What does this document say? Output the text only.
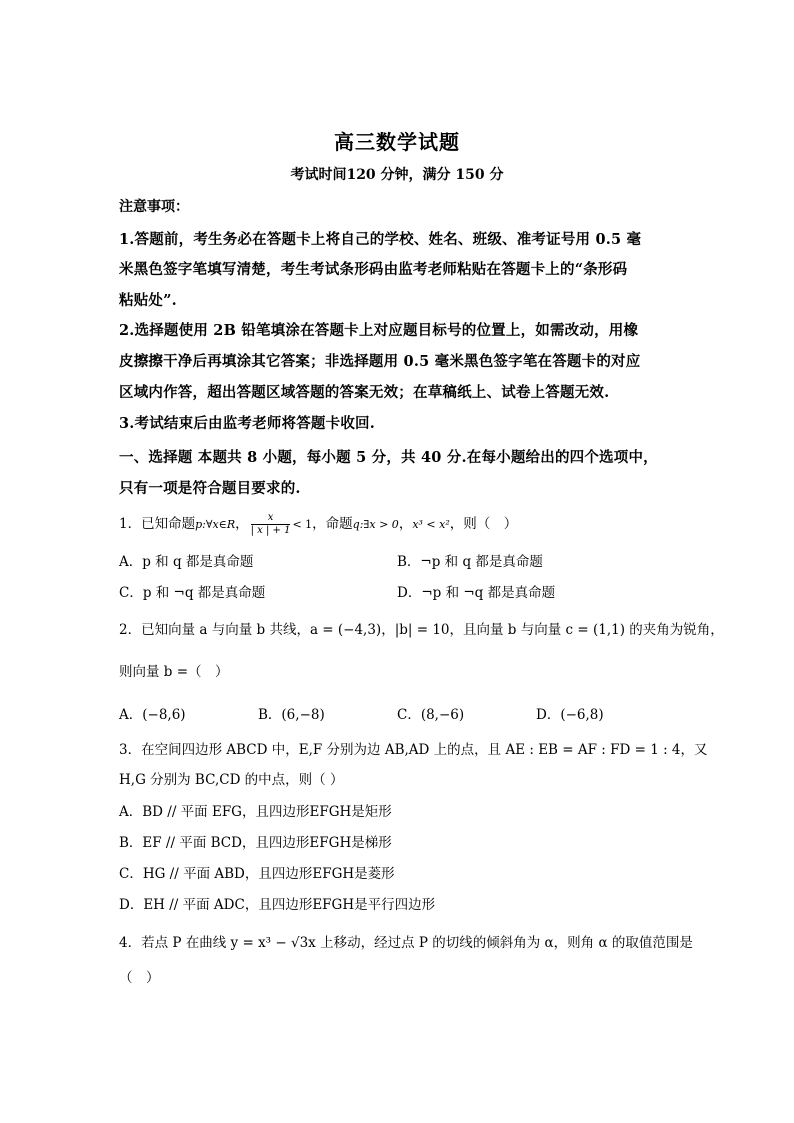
高三数学试题
考试时间120 分钟，满分 150 分
注意事项：
1.答题前，考生务必在答题卡上将自己的学校、姓名、班级、准考证号用 0.5 毫
米黑色签字笔填写清楚，考生考试条形码由监考老师粘贴在答题卡上的“条形码
粘贴处”.
2.选择题使用 2B 铅笔填涂在答题卡上对应题目标号的位置上，如需改动，用橡
皮擦擦干净后再填涂其它答案；非选择题用 0.5 毫米黑色签字笔在答题卡的对应
区域内作答，超出答题区域答题的答案无效；在草稿纸上、试卷上答题无效.
3.考试结束后由监考老师将答题卡收回.
一、选择题 本题共 8 小题，每小题 5 分，共 40 分.在每小题给出的四个选项中，
只有一项是符合题目要求的.
1．已知命题p:∀x∈R， $\frac{x}{| x | + 1} < 1$，命题q:∃x > 0，x³ < x²，则（　）
A．p 和 q 都是真命题	B．¬p 和 q 都是真命题
C．p 和 ¬q 都是真命题	D．¬p 和 ¬q 都是真命题
2．已知向量 a 与向量 b 共线，a = (−4,3)，|b| = 10，且向量 b 与向量 c = (1,1) 的夹角为锐角，
则向量 b =（　）
A．(−8,6)	B．(6,−8)	C．(8,−6)	D．(−6,8)
3．在空间四边形 ABCD 中，E,F 分别为边 AB,AD 上的点，且 AE : EB = AF : FD = 1 : 4，又
H,G 分别为 BC,CD 的中点，则（ ）
A．BD // 平面 EFG，且四边形EFGH是矩形
B．EF // 平面 BCD，且四边形EFGH是梯形
C．HG // 平面 ABD，且四边形EFGH是菱形
D．EH // 平面 ADC，且四边形EFGH是平行四边形
4．若点 P 在曲线 y = x³ − √3x 上移动，经过点 P 的切线的倾斜角为 α，则角 α 的取值范围是
（　）
